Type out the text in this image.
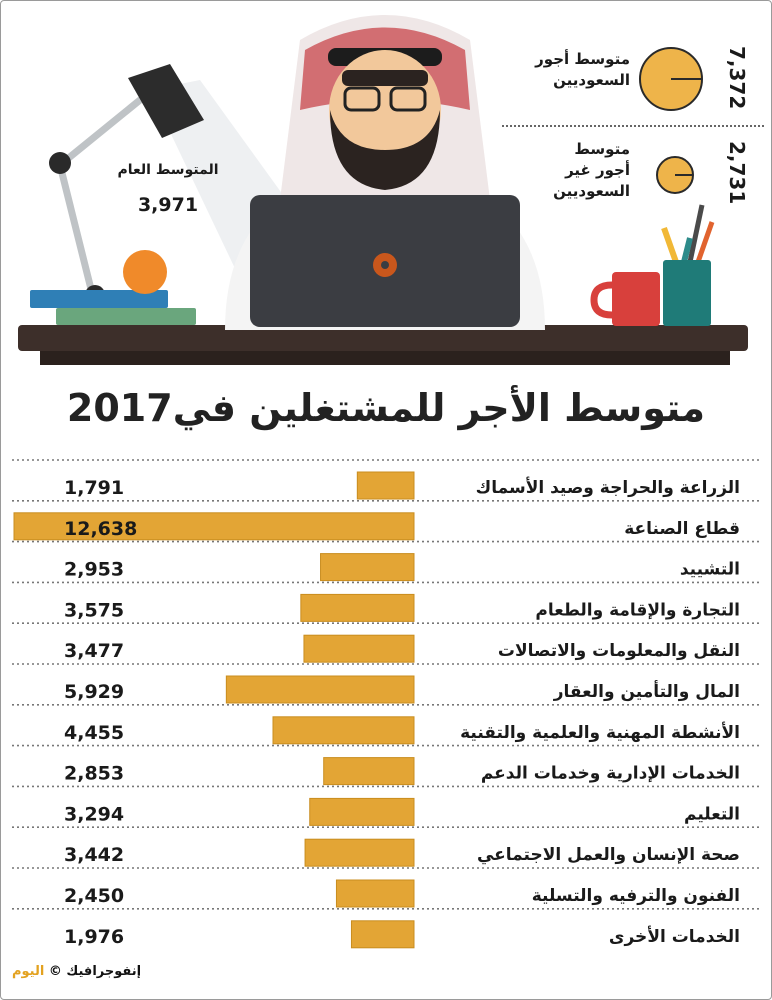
متوسط أجور
السعوديين	7,372
متوسط
أجور غير
السعوديين	2,731
المتوسط العام
3,971
متوسط الأجر للمشتغلين في2017
الزراعة والحراجة وصيد الأسماك
1,791
قطاع الصناعة
12,638
التشييد
2,953
التجارة والإقامة والطعام
3,575
النقل والمعلومات والاتصالات
3,477
المال والتأمين والعقار
5,929
الأنشطة المهنية والعلمية والتقنية
4,455
الخدمات الإدارية وخدمات الدعم
2,853
التعليم
3,294
صحة الإنسان والعمل الاجتماعي
3,442
الفنون والترفيه والتسلية
2,450
الخدمات الأخرى
1,976
إنفوجرافيك © اليوم
